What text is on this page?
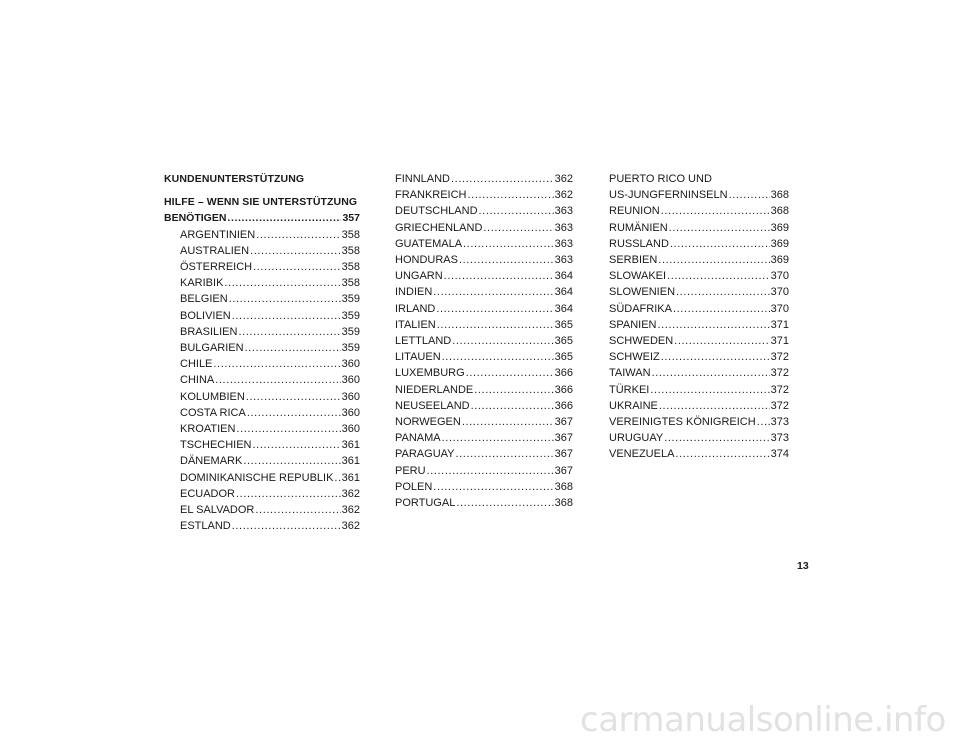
KUNDENUNTERSTÜTZUNG
HILFE – WENN SIE UNTERSTÜTZUNG
BENÖTIGEN .....	357
ARGENTINIEN .....	358
AUSTRALIEN .....	358
ÖSTERREICH .....	358
KARIBIK .....	358
BELGIEN .....	359
BOLIVIEN .....	359
BRASILIEN .....	359
BULGARIEN .....	359
CHILE .....	360
CHINA .....	360
KOLUMBIEN .....	360
COSTA RICA .....	360
KROATIEN .....	360
TSCHECHIEN .....	361
DÄNEMARK .....	361
DOMINIKANISCHE REPUBLIK ..... 361
ECUADOR .....	362
EL SALVADOR .....	362
ESTLAND .....	362
FINNLAND .....	362
FRANKREICH .....	362
DEUTSCHLAND .....	363
GRIECHENLAND .....	363
GUATEMALA .....	363
HONDURAS .....	363
UNGARN .....	364
INDIEN .....	364
IRLAND .....	364
ITALIEN .....	365
LETTLAND .....	365
LITAUEN .....	365
LUXEMBURG .....	366
NIEDERLANDE .....	366
NEUSEELAND .....	366
NORWEGEN .....	367
PANAMA .....	367
PARAGUAY .....	367
PERU .....	367
POLEN .....	368
PORTUGAL .....	368
PUERTO RICO UND
US-JUNGFERNINSELN .....	368
REUNION .....	368
RUMÄNIEN .....	369
RUSSLAND .....	369
SERBIEN .....	369
SLOWAKEI .....	370
SLOWENIEN .....	370
SÜDAFRIKA .....	370
SPANIEN .....	371
SCHWEDEN .....	371
SCHWEIZ .....	372
TAIWAN .....	372
TÜRKEI .....	372
UKRAINE .....	372
VEREINIGTES KÖNIGREICH ..... 373
URUGUAY .....	373
VENEZUELA .....	374
13
carmanualsonline.info
